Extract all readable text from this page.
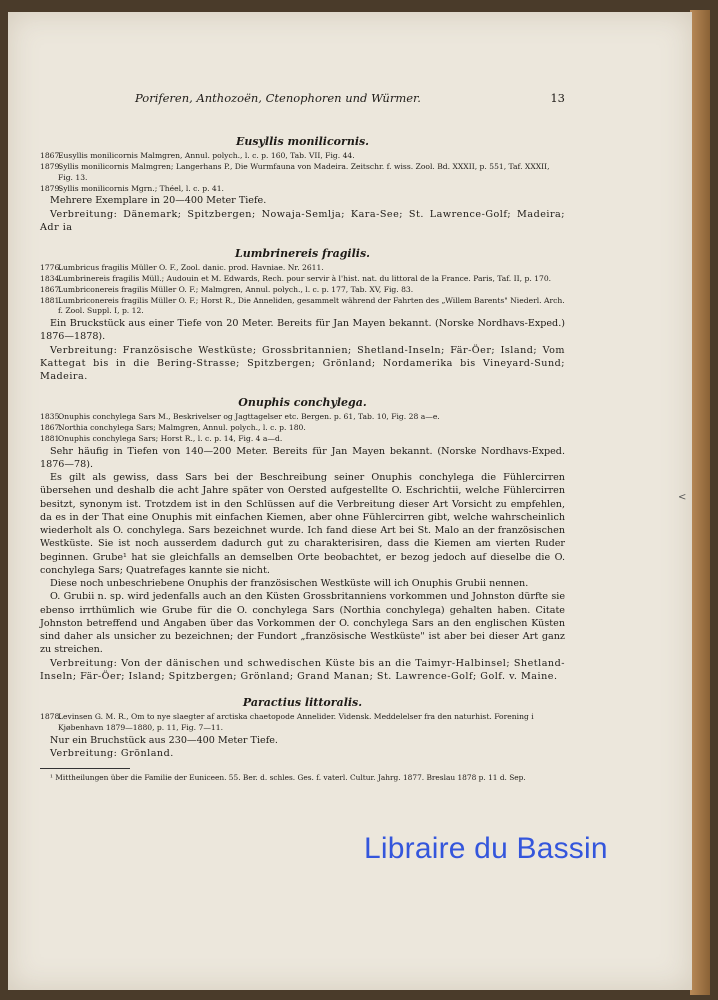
Poriferen, Anthozoën, Ctenophoren und Würmer.	13
Eusyllis monilicornis.
1867.Eusyllis monilicornis Malmgren, Annul. polych., l. c. p. 160, Tab. VII, Fig. 44.
1879.Syllis monilicornis Malmgren; Langerhans P., Die Wurmfauna von Madeira. Zeitschr. f. wiss. Zool. Bd. XXXII, p. 551, Taf. XXXII, Fig. 13.
1879.Syllis monilicornis Mgrn.; Théel, l. c. p. 41.
Mehrere Exemplare in 20—400 Meter Tiefe.
Verbreitung: Dänemark; Spitzbergen; Nowaja-Semlja; Kara-See; St. Lawrence-Golf; Madeira; Adr ia
Lumbrinereis fragilis.
1776.Lumbricus fragilis Müller O. F., Zool. danic. prod. Havniae. Nr. 2611.
1834.Lumbrinereis fragilis Müll.; Audouin et M. Edwards, Rech. pour servir à l'hist. nat. du littoral de la France. Paris, Taf. II, p. 170.
1867.Lumbriconereis fragilis Müller O. F.; Malmgren, Annul. polych., l. c. p. 177, Tab. XV, Fig. 83.
1881.Lumbriconereis fragilis Müller O. F.; Horst R., Die Anneliden, gesammelt während der Fahrten des „Willem Barents" Niederl. Arch. f. Zool. Suppl. I, p. 12.
Ein Bruckstück aus einer Tiefe von 20 Meter. Bereits für Jan Mayen bekannt. (Norske Nordhavs-Exped.) 1876—1878).
Verbreitung: Französische Westküste; Grossbritannien; Shetland-Inseln; Fär-Öer; Island; Vom Kattegat bis in die Bering-Strasse; Spitzbergen; Grönland; Nordamerika bis Vineyard-Sund; Madeira.
Onuphis conchylega.
1835.Onuphis conchylega Sars M., Beskrivelser og Jagttagelser etc. Bergen. p. 61, Tab. 10, Fig. 28 a—e.
1867.Northia conchylega Sars; Malmgren, Annul. polych., l. c. p. 180.
1881.Onuphis conchylega Sars; Horst R., l. c. p. 14, Fig. 4 a—d.
Sehr häufig in Tiefen von 140—200 Meter. Bereits für Jan Mayen bekannt. (Norske Nordhavs-Exped. 1876—78).
Es gilt als gewiss, dass Sars bei der Beschreibung seiner Onuphis conchylega die Fühlercirren übersehen und deshalb die acht Jahre später von Oersted aufgestellte O. Eschrichtii, welche Fühlercirren besitzt, synonym ist. Trotzdem ist in den Schlüssen auf die Verbreitung dieser Art Vorsicht zu empfehlen, da es in der That eine Onuphis mit einfachen Kiemen, aber ohne Fühlercirren gibt, welche wahrscheinlich wiederholt als O. conchylega. Sars bezeichnet wurde. Ich fand diese Art bei St. Malo an der französischen Westküste. Sie ist noch ausserdem dadurch gut zu charakterisiren, dass die Kiemen am vierten Ruder beginnen. Grube¹ hat sie gleichfalls an demselben Orte beobachtet, er bezog jedoch auf dieselbe die O. conchylega Sars; Quatrefages kannte sie nicht.
Diese noch unbeschriebene Onuphis der französischen Westküste will ich Onuphis Grubii nennen.
O. Grubii n. sp. wird jedenfalls auch an den Küsten Grossbritanniens vorkommen und Johnston dürfte sie ebenso irrthümlich wie Grube für die O. conchylega Sars (Northia conchylega) gehalten haben. Citate Johnston betreffend und Angaben über das Vorkommen der O. conchylega Sars an den englischen Küsten sind daher als unsicher zu bezeichnen; der Fundort „französische Westküste" ist aber bei dieser Art ganz zu streichen.
Verbreitung: Von der dänischen und schwedischen Küste bis an die Taimyr-Halbinsel; Shetland-Inseln; Fär-Öer; Island; Spitzbergen; Grönland; Grand Manan; St. Lawrence-Golf; Golf. v. Maine.
Paractius littoralis.
1878.Levinsen G. M. R., Om to nye slaegter af arctiska chaetopode Annelider. Vidensk. Meddelelser fra den naturhist. Forening i Kjøbenhavn 1879—1880, p. 11, Fig. 7—11.
Nur ein Bruchstück aus 230—400 Meter Tiefe.
Verbreitung: Grönland.
¹ Mittheilungen über die Familie der Euniceen. 55. Ber. d. schles. Ges. f. vaterl. Cultur. Jahrg. 1877. Breslau 1878 p. 11 d. Sep.
<
Libraire du Bassin
